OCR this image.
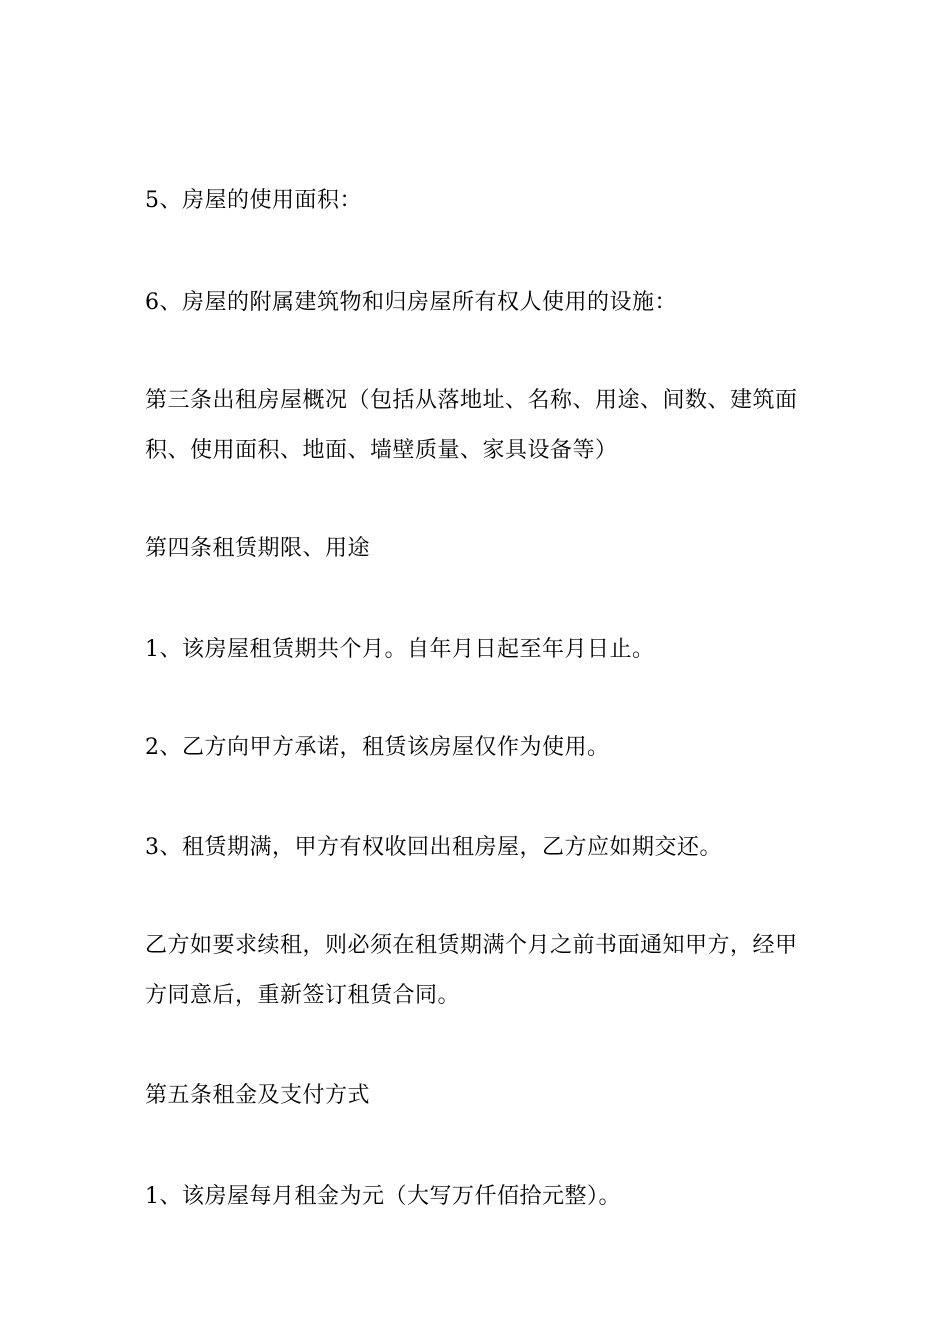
5、房屋的使用面积：

6、房屋的附属建筑物和归房屋所有权人使用的设施：

第三条出租房屋概况（包括从落地址、名称、用途、间数、建筑面积、使用面积、地面、墙壁质量、家具设备等）

第四条租赁期限、用途

1、该房屋租赁期共个月。自年月日起至年月日止。

2、乙方向甲方承诺，租赁该房屋仅作为使用。

3、租赁期满，甲方有权收回出租房屋，乙方应如期交还。

乙方如要求续租，则必须在租赁期满个月之前书面通知甲方，经甲方同意后，重新签订租赁合同。

第五条租金及支付方式

1、该房屋每月租金为元（大写万仟佰拾元整）。
